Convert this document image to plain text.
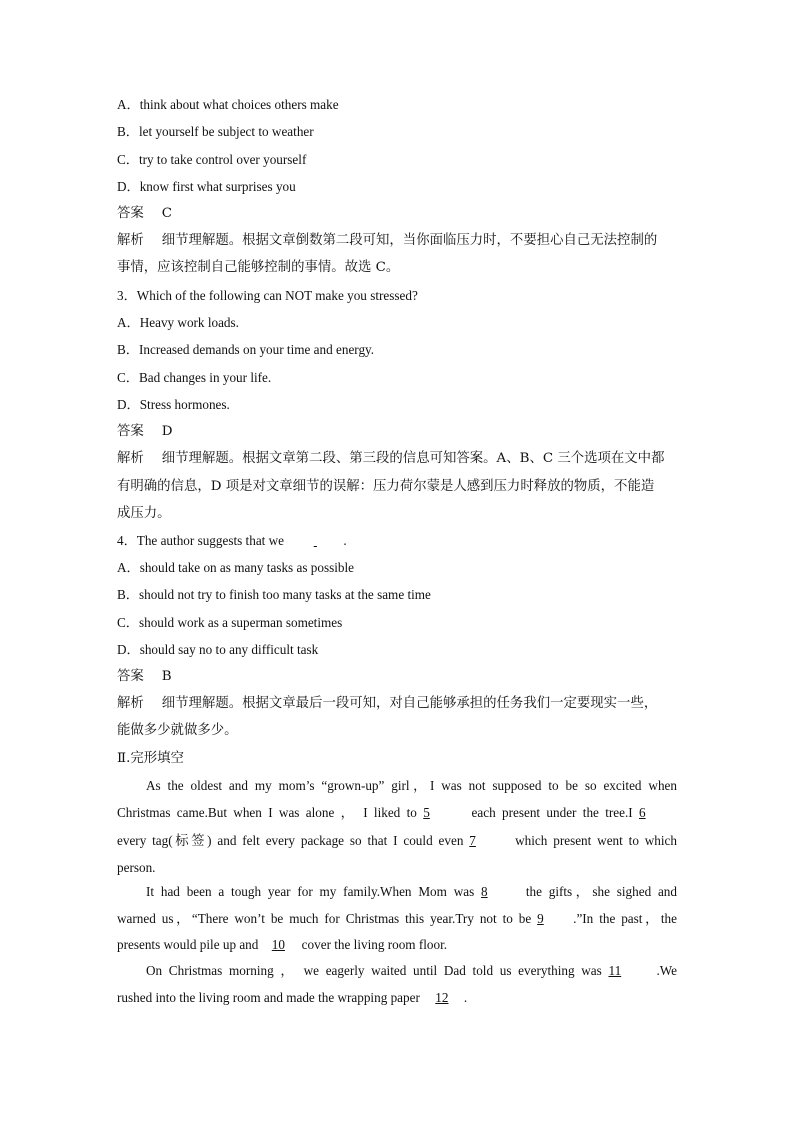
A．think about what choices others make
B．let yourself be subject to weather
C．try to take control over yourself
D．know first what surprises you
答案 C
解析 细节理解题。根据文章倒数第二段可知，当你面临压力时，不要担心自己无法控制的
事情，应该控制自己能够控制的事情。故选 C。
3．Which of the following can NOT make you stressed?
A．Heavy work loads.
B．Increased demands on your time and energy.
C．Bad changes in your life.
D．Stress hormones.
答案 D
解析 细节理解题。根据文章第二段、第三段的信息可知答案。A、B、C 三个选项在文中都
有明确的信息，D 项是对文章细节的误解：压力荷尔蒙是人感到压力时释放的物质，不能造
成压力。
4．The author suggests that we	.
A．should take on as many tasks as possible
B．should not try to finish too many tasks at the same time
C．should work as a superman sometimes
D．should say no to any difficult task
答案 B
解析 细节理解题。根据文章最后一段可知，对自己能够承担的任务我们一定要现实一些，
能做多少就做多少。
Ⅱ.完形填空
As the oldest and my mom’s “grown-up” girl，I was not supposed to be so excited when
Christmas came.But when I was alone ， I liked to 5	each present under the tree.I 6
every tag(标签) and felt every package so that I could even 7	which present went to which
person.
It had been a tough year for my family.When Mom was 8	the gifts，she sighed and
warned us，“There won’t be much for Christmas this year.Try not to be 9 .”In the past，the
presents would pile up and 10 cover the living room floor.
On Christmas morning ， we eagerly waited until Dad told us everything was 11	.We
rushed into the living room and made the wrapping paper 12 .
